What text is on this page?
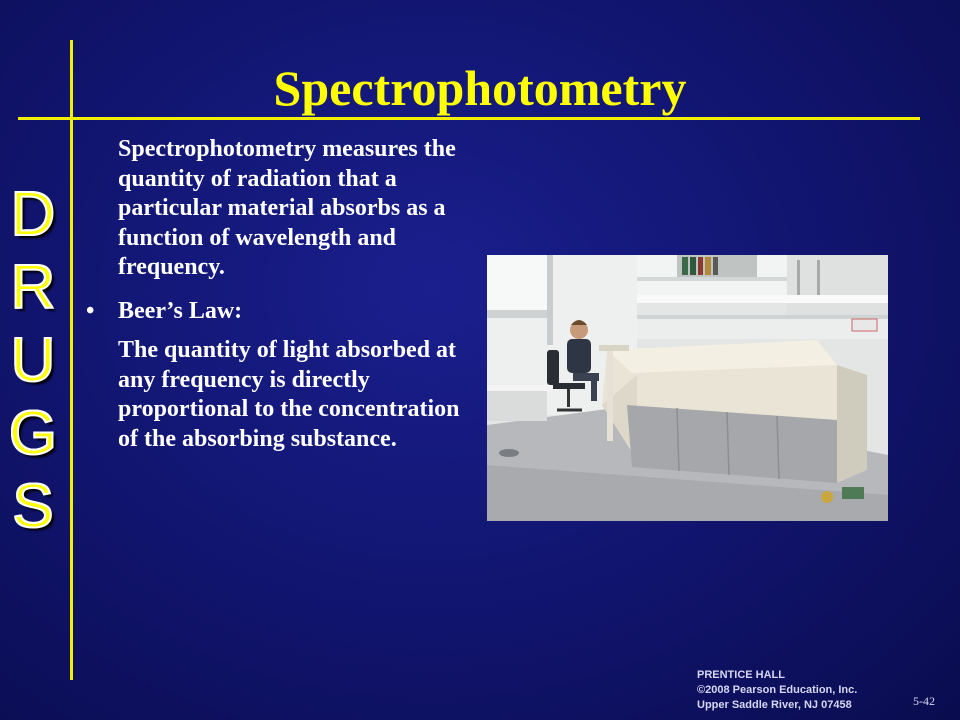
Spectrophotometry
D
R
U
G
S

Spectrophotometry measures the quantity of radiation that a particular material absorbs as a function of wavelength and frequency.

• Beer’s Law:

The quantity of light absorbed at any frequency is directly proportional to the concentration of the absorbing substance.

PRENTICE HALL
©2008 Pearson Education, Inc.
Upper Saddle River, NJ 07458	5-42
